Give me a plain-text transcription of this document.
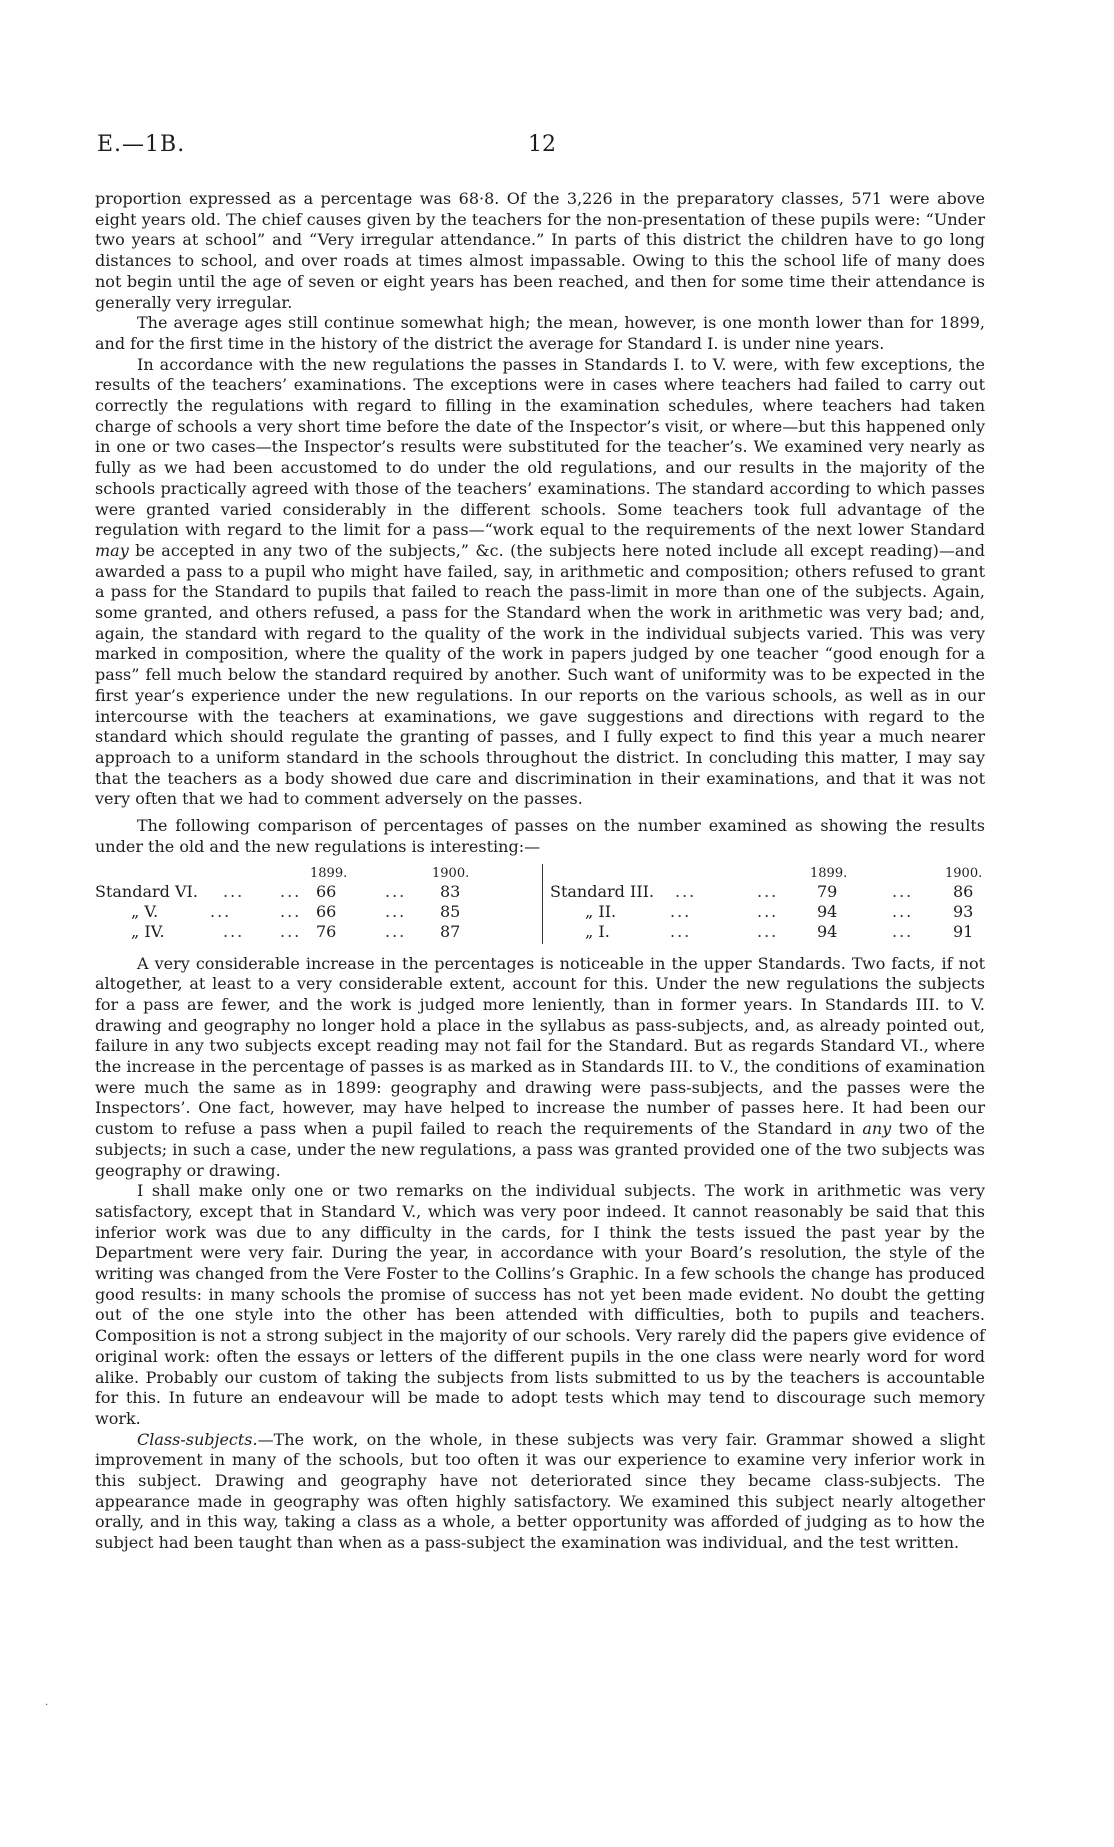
E.—1B.	12

proportion expressed as a percentage was 68·8. Of the 3,226 in the preparatory classes, 571 were above eight years old. The chief causes given by the teachers for the non-presentation of these pupils were: “Under two years at school” and “Very irregular attendance.” In parts of this district the children have to go long distances to school, and over roads at times almost impassable. Owing to this the school life of many does not begin until the age of seven or eight years has been reached, and then for some time their attendance is generally very irregular.

The average ages still continue somewhat high; the mean, however, is one month lower than for 1899, and for the first time in the history of the district the average for Standard I. is under nine years.

In accordance with the new regulations the passes in Standards I. to V. were, with few exceptions, the results of the teachers’ examinations. The exceptions were in cases where teachers had failed to carry out correctly the regulations with regard to filling in the examination schedules, where teachers had taken charge of schools a very short time before the date of the Inspector’s visit, or where—but this happened only in one or two cases—the Inspector’s results were substituted for the teacher’s. We examined very nearly as fully as we had been accustomed to do under the old regulations, and our results in the majority of the schools practically agreed with those of the teachers’ examinations. The standard according to which passes were granted varied considerably in the different schools. Some teachers took full advantage of the regulation with regard to the limit for a pass—“work equal to the requirements of the next lower Standard may be accepted in any two of the subjects,” &c. (the subjects here noted include all except reading)—and awarded a pass to a pupil who might have failed, say, in arithmetic and composition; others refused to grant a pass for the Standard to pupils that failed to reach the pass-limit in more than one of the subjects. Again, some granted, and others refused, a pass for the Standard when the work in arithmetic was very bad; and, again, the standard with regard to the quality of the work in the individual subjects varied. This was very marked in composition, where the quality of the work in papers judged by one teacher “good enough for a pass” fell much below the standard required by another. Such want of uniformity was to be expected in the first year’s experience under the new regulations. In our reports on the various schools, as well as in our intercourse with the teachers at examinations, we gave suggestions and directions with regard to the standard which should regulate the granting of passes, and I fully expect to find this year a much nearer approach to a uniform standard in the schools throughout the district. In concluding this matter, I may say that the teachers as a body showed due care and discrimination in their examinations, and that it was not very often that we had to comment adversely on the passes.

The following comparison of percentages of passes on the number examined as showing the results under the old and the new regulations is interesting:—

1899.	1900.	1899.	1900.
Standard VI. ... ... 66	... 83
„ V.	...	... 66	... 85
„ IV.	... ... 76	... 87
Standard III. ...	... 79	... 86
„ II.	...	... 94	... 93
„ I.	...	... 94	... 91

A very considerable increase in the percentages is noticeable in the upper Standards. Two facts, if not altogether, at least to a very considerable extent, account for this. Under the new regulations the subjects for a pass are fewer, and the work is judged more leniently, than in former years. In Standards III. to V. drawing and geography no longer hold a place in the syllabus as pass-subjects, and, as already pointed out, failure in any two subjects except reading may not fail for the Standard. But as regards Standard VI., where the increase in the percentage of passes is as marked as in Standards III. to V., the conditions of examination were much the same as in 1899: geography and drawing were pass-subjects, and the passes were the Inspectors’. One fact, however, may have helped to increase the number of passes here. It had been our custom to refuse a pass when a pupil failed to reach the requirements of the Standard in any two of the subjects; in such a case, under the new regulations, a pass was granted provided one of the two subjects was geography or drawing.

I shall make only one or two remarks on the individual subjects. The work in arithmetic was very satisfactory, except that in Standard V., which was very poor indeed. It cannot reasonably be said that this inferior work was due to any difficulty in the cards, for I think the tests issued the past year by the Department were very fair. During the year, in accordance with your Board’s resolution, the style of the writing was changed from the Vere Foster to the Collins’s Graphic. In a few schools the change has produced good results: in many schools the promise of success has not yet been made evident. No doubt the getting out of the one style into the other has been attended with difficulties, both to pupils and teachers. Composition is not a strong subject in the majority of our schools. Very rarely did the papers give evidence of original work: often the essays or letters of the different pupils in the one class were nearly word for word alike. Probably our custom of taking the subjects from lists submitted to us by the teachers is accountable for this. In future an endeavour will be made to adopt tests which may tend to discourage such memory work.

Class-subjects.—The work, on the whole, in these subjects was very fair. Grammar showed a slight improvement in many of the schools, but too often it was our experience to examine very inferior work in this subject. Drawing and geography have not deteriorated since they became class-subjects. The appearance made in geography was often highly satisfactory. We examined this subject nearly altogether orally, and in this way, taking a class as a whole, a better opportunity was afforded of judging as to how the subject had been taught than when as a pass-subject the examination was individual, and the test written.

·
